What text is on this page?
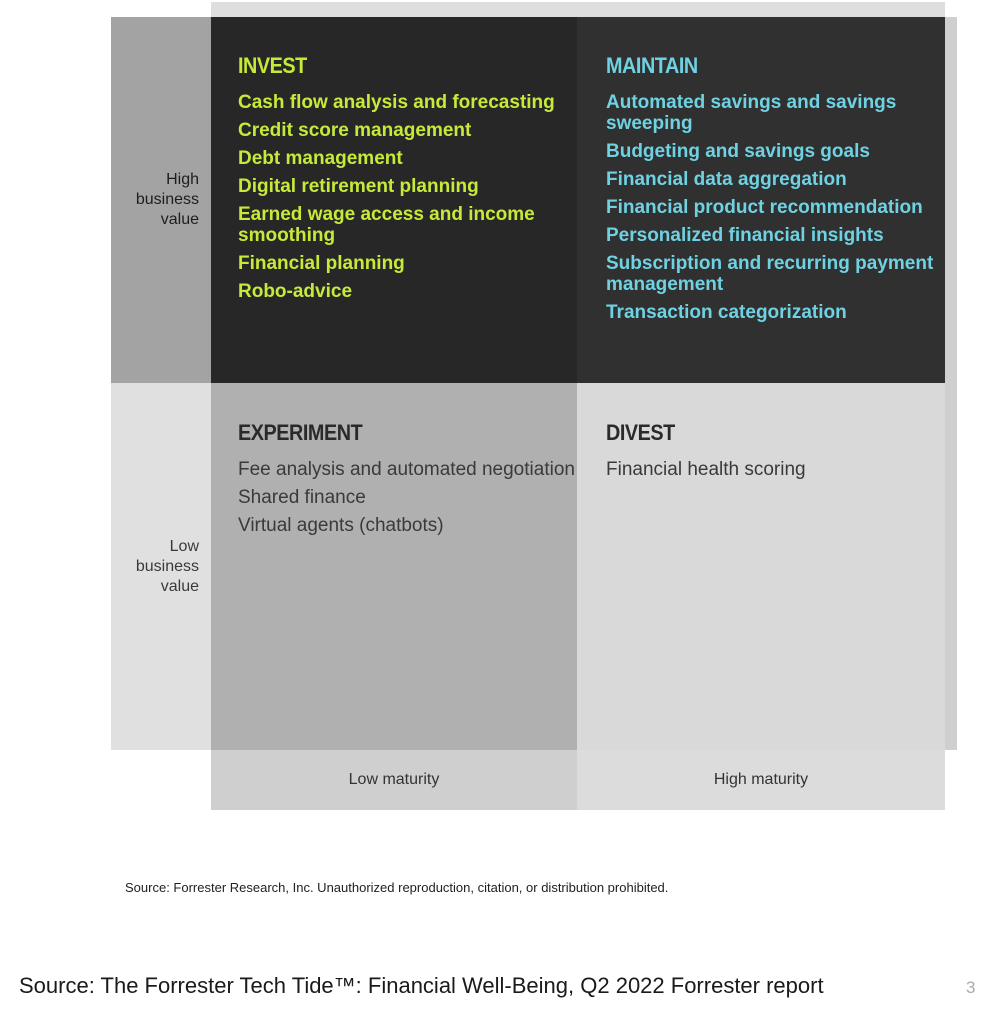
High
business
value
Low
business
value
INVEST
Cash flow analysis and forecasting
Credit score management
Debt management
Digital retirement planning
Earned wage access and income smoothing
Financial planning
Robo-advice
MAINTAIN
Automated savings and savings sweeping
Budgeting and savings goals
Financial data aggregation
Financial product recommendation
Personalized financial insights
Subscription and recurring payment management
Transaction categorization
EXPERIMENT
Fee analysis and automated negotiation
Shared finance
Virtual agents (chatbots)
DIVEST
Financial health scoring
Low maturity	High maturity
Source: Forrester Research, Inc. Unauthorized reproduction, citation, or distribution prohibited.
Source: The Forrester Tech Tide™: Financial Well-Being, Q2 2022 Forrester report	3
